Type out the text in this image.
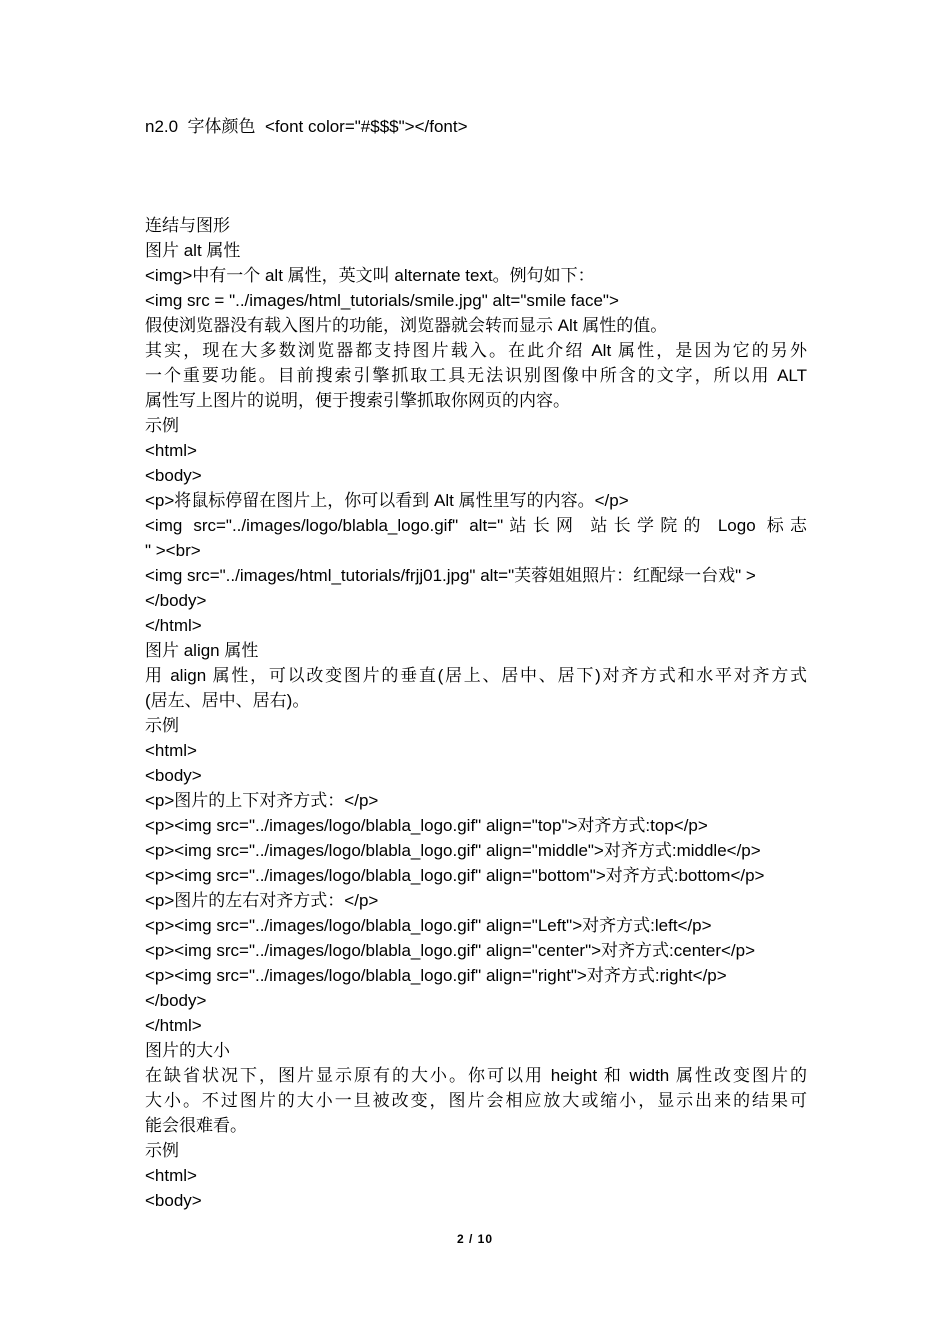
n2.0  字体颜色  <font color="#$$$"></font>
连结与图形
图片 alt 属性
<img>中有一个 alt 属性，英文叫 alternate text。例句如下：
<img src = "../images/html_tutorials/smile.jpg" alt="smile face">
假使浏览器没有载入图片的功能，浏览器就会转而显示 Alt 属性的值。
其实，现在大多数浏览器都支持图片载入。在此介绍 Alt 属性，是因为它的另外
一个重要功能。目前搜索引擎抓取工具无法识别图像中所含的文字，所以用 ALT
属性写上图片的说明，便于搜索引擎抓取你网页的内容。
示例
<html>
<body>
<p>将鼠标停留在图片上，你可以看到 Alt 属性里写的内容。</p>
<img src="../images/logo/blabla_logo.gif" alt="站长网 站长学院的 Logo 标志
" ><br>
<img src="../images/html_tutorials/frjj01.jpg" alt="芙蓉姐姐照片：红配绿一台戏" >
</body>
</html>
图片 align 属性
用 align 属性，可以改变图片的垂直(居上、居中、居下)对齐方式和水平对齐方式
(居左、居中、居右)。
示例
<html>
<body>
<p>图片的上下对齐方式：</p>
<p><img src="../images/logo/blabla_logo.gif" align="top">对齐方式:top</p>
<p><img src="../images/logo/blabla_logo.gif" align="middle">对齐方式:middle</p>
<p><img src="../images/logo/blabla_logo.gif" align="bottom">对齐方式:bottom</p>
<p>图片的左右对齐方式：</p>
<p><img src="../images/logo/blabla_logo.gif" align="Left">对齐方式:left</p>
<p><img src="../images/logo/blabla_logo.gif" align="center">对齐方式:center</p>
<p><img src="../images/logo/blabla_logo.gif" align="right">对齐方式:right</p>
</body>
</html>
图片的大小
在缺省状况下，图片显示原有的大小。你可以用 height 和 width 属性改变图片的
大小。不过图片的大小一旦被改变，图片会相应放大或缩小，显示出来的结果可
能会很难看。
示例
<html>
<body>
2 / 10
